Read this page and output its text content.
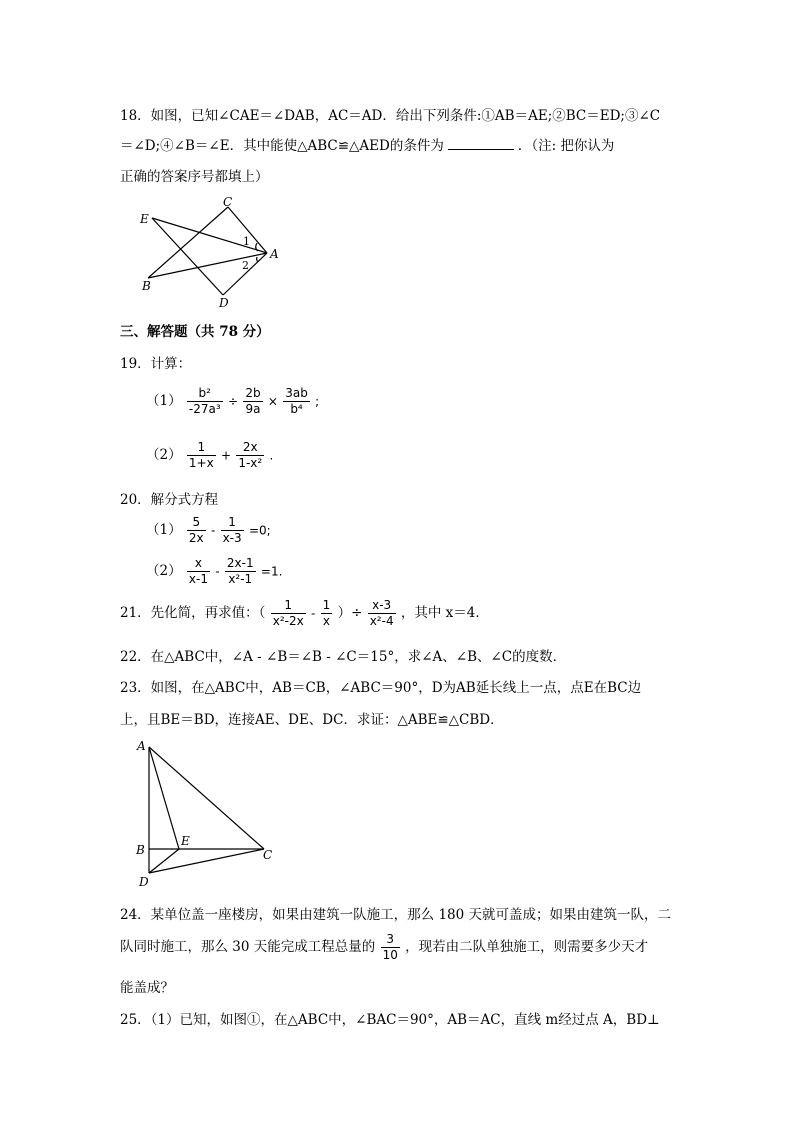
18．如图，已知∠CAE＝∠DAB，AC＝AD．给出下列条件:①AB＝AE;②BC＝ED;③∠C
＝∠D;④∠B＝∠E．其中能使△ABC≌△AED的条件为	．（注: 把你认为
正确的答案序号都填上）
E
C
A
B
D
1
2
三、解答题（共 78 分）
19．计算：
$(1) \frac{\text{b²}}{\text{-27a³}} \div \frac{2b}{9a} \times \frac{3ab}{\text{b⁴}}$ ;
$(2) \frac{1}{1+x} + \frac{2x}{\text{1-x²}}$ .
20．解分式方程
$(1) \frac{5}{2x} - \frac{1}{x-3} =0$;
$(2) \frac{x}{x-1} - \frac{2x-1}{\text{x²-1}} =1$.
21．先化简，再求值：（ $\frac{1}{\text{x²-2x}} - \frac{1}{x}$ ）÷ $\frac{x-3}{\text{x²-4}}$ ，其中 x＝4．
22．在△ABC中，∠A - ∠B＝∠B - ∠C＝15°，求∠A、∠B、∠C的度数．
23．如图，在△ABC中，AB＝CB，∠ABC＝90°，D为AB延长线上一点，点E在BC边
上，且BE＝BD，连接AE、DE、DC．求证：△ABE≌△CBD．
A
B
E
C
D
24．某单位盖一座楼房，如果由建筑一队施工，那么 180 天就可盖成；如果由建筑一队，二
队同时施工，那么 30 天能完成工程总量的 $\frac{3}{10}$ ，现若由二队单独施工，则需要多少天才
能盖成？
25．（1）已知，如图①，在△ABC中，∠BAC＝90°，AB＝AC，直线 m经过点 A，BD⊥
